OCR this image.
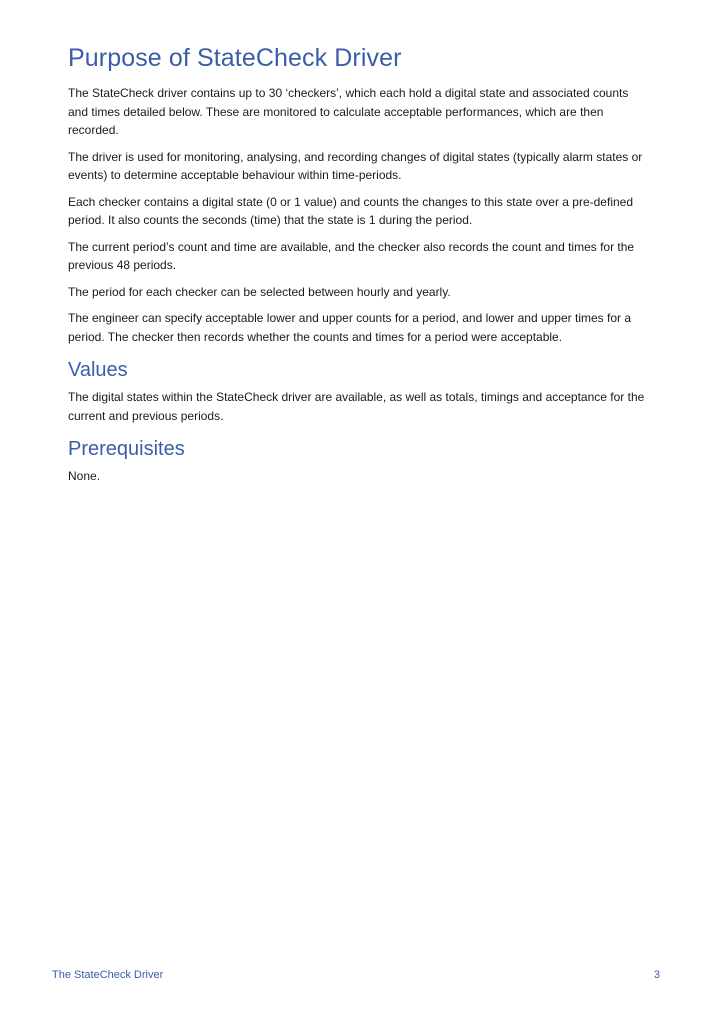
Purpose of StateCheck Driver

The StateCheck driver contains up to 30 ‘checkers’, which each hold a digital state and associated counts and times detailed below. These are monitored to calculate acceptable performances, which are then recorded.

The driver is used for monitoring, analysing, and recording changes of digital states (typically alarm states or events) to determine acceptable behaviour within time-periods.

Each checker contains a digital state (0 or 1 value) and counts the changes to this state over a pre-defined period. It also counts the seconds (time) that the state is 1 during the period.

The current period’s count and time are available, and the checker also records the count and times for the previous 48 periods.

The period for each checker can be selected between hourly and yearly.

The engineer can specify acceptable lower and upper counts for a period, and lower and upper times for a period. The checker then records whether the counts and times for a period were acceptable.

Values

The digital states within the StateCheck driver are available, as well as totals, timings and acceptance for the current and previous periods.

Prerequisites

None.

The StateCheck Driver	3
